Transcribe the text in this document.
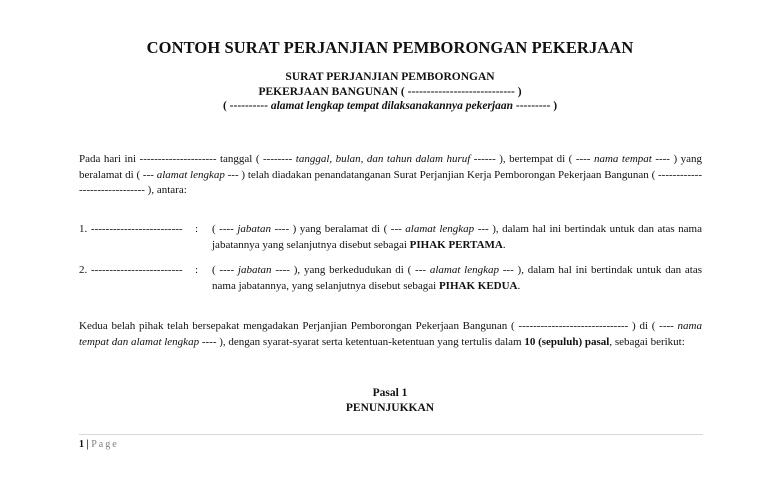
CONTOH SURAT PERJANJIAN PEMBORONGAN PEKERJAAN
SURAT PERJANJIAN PEMBORONGAN
PEKERJAAN BANGUNAN ( ---------------------------- )
( ---------- alamat lengkap tempat dilaksanakannya pekerjaan --------- )
Pada hari ini --------------------- tanggal ( -------- tanggal, bulan, dan tahun dalam huruf ------ ), bertempat di ( ---- nama tempat ---- ) yang beralamat di ( --- alamat lengkap --- ) telah diadakan penandatanganan Surat Perjanjian Kerja Pemborongan Pekerjaan Bangunan ( ------------------------------ ), antara:
1. -------------------------	:	( ---- jabatan ---- ) yang beralamat di ( --- alamat lengkap --- ), dalam hal ini bertindak untuk dan atas nama jabatannya yang selanjutnya disebut sebagai PIHAK PERTAMA.
2. -------------------------	:	( ---- jabatan ---- ), yang berkedudukan di ( --- alamat lengkap --- ), dalam hal ini bertindak untuk dan atas nama jabatannya, yang selanjutnya disebut sebagai PIHAK KEDUA.
Kedua belah pihak telah bersepakat mengadakan Perjanjian Pemborongan Pekerjaan Bangunan ( ------------------------------ ) di ( ---- nama tempat dan alamat lengkap ---- ), dengan syarat-syarat serta ketentuan-ketentuan yang tertulis dalam 10 (sepuluh) pasal, sebagai berikut:
Pasal 1
PENUNJUKKAN
1 | Page
